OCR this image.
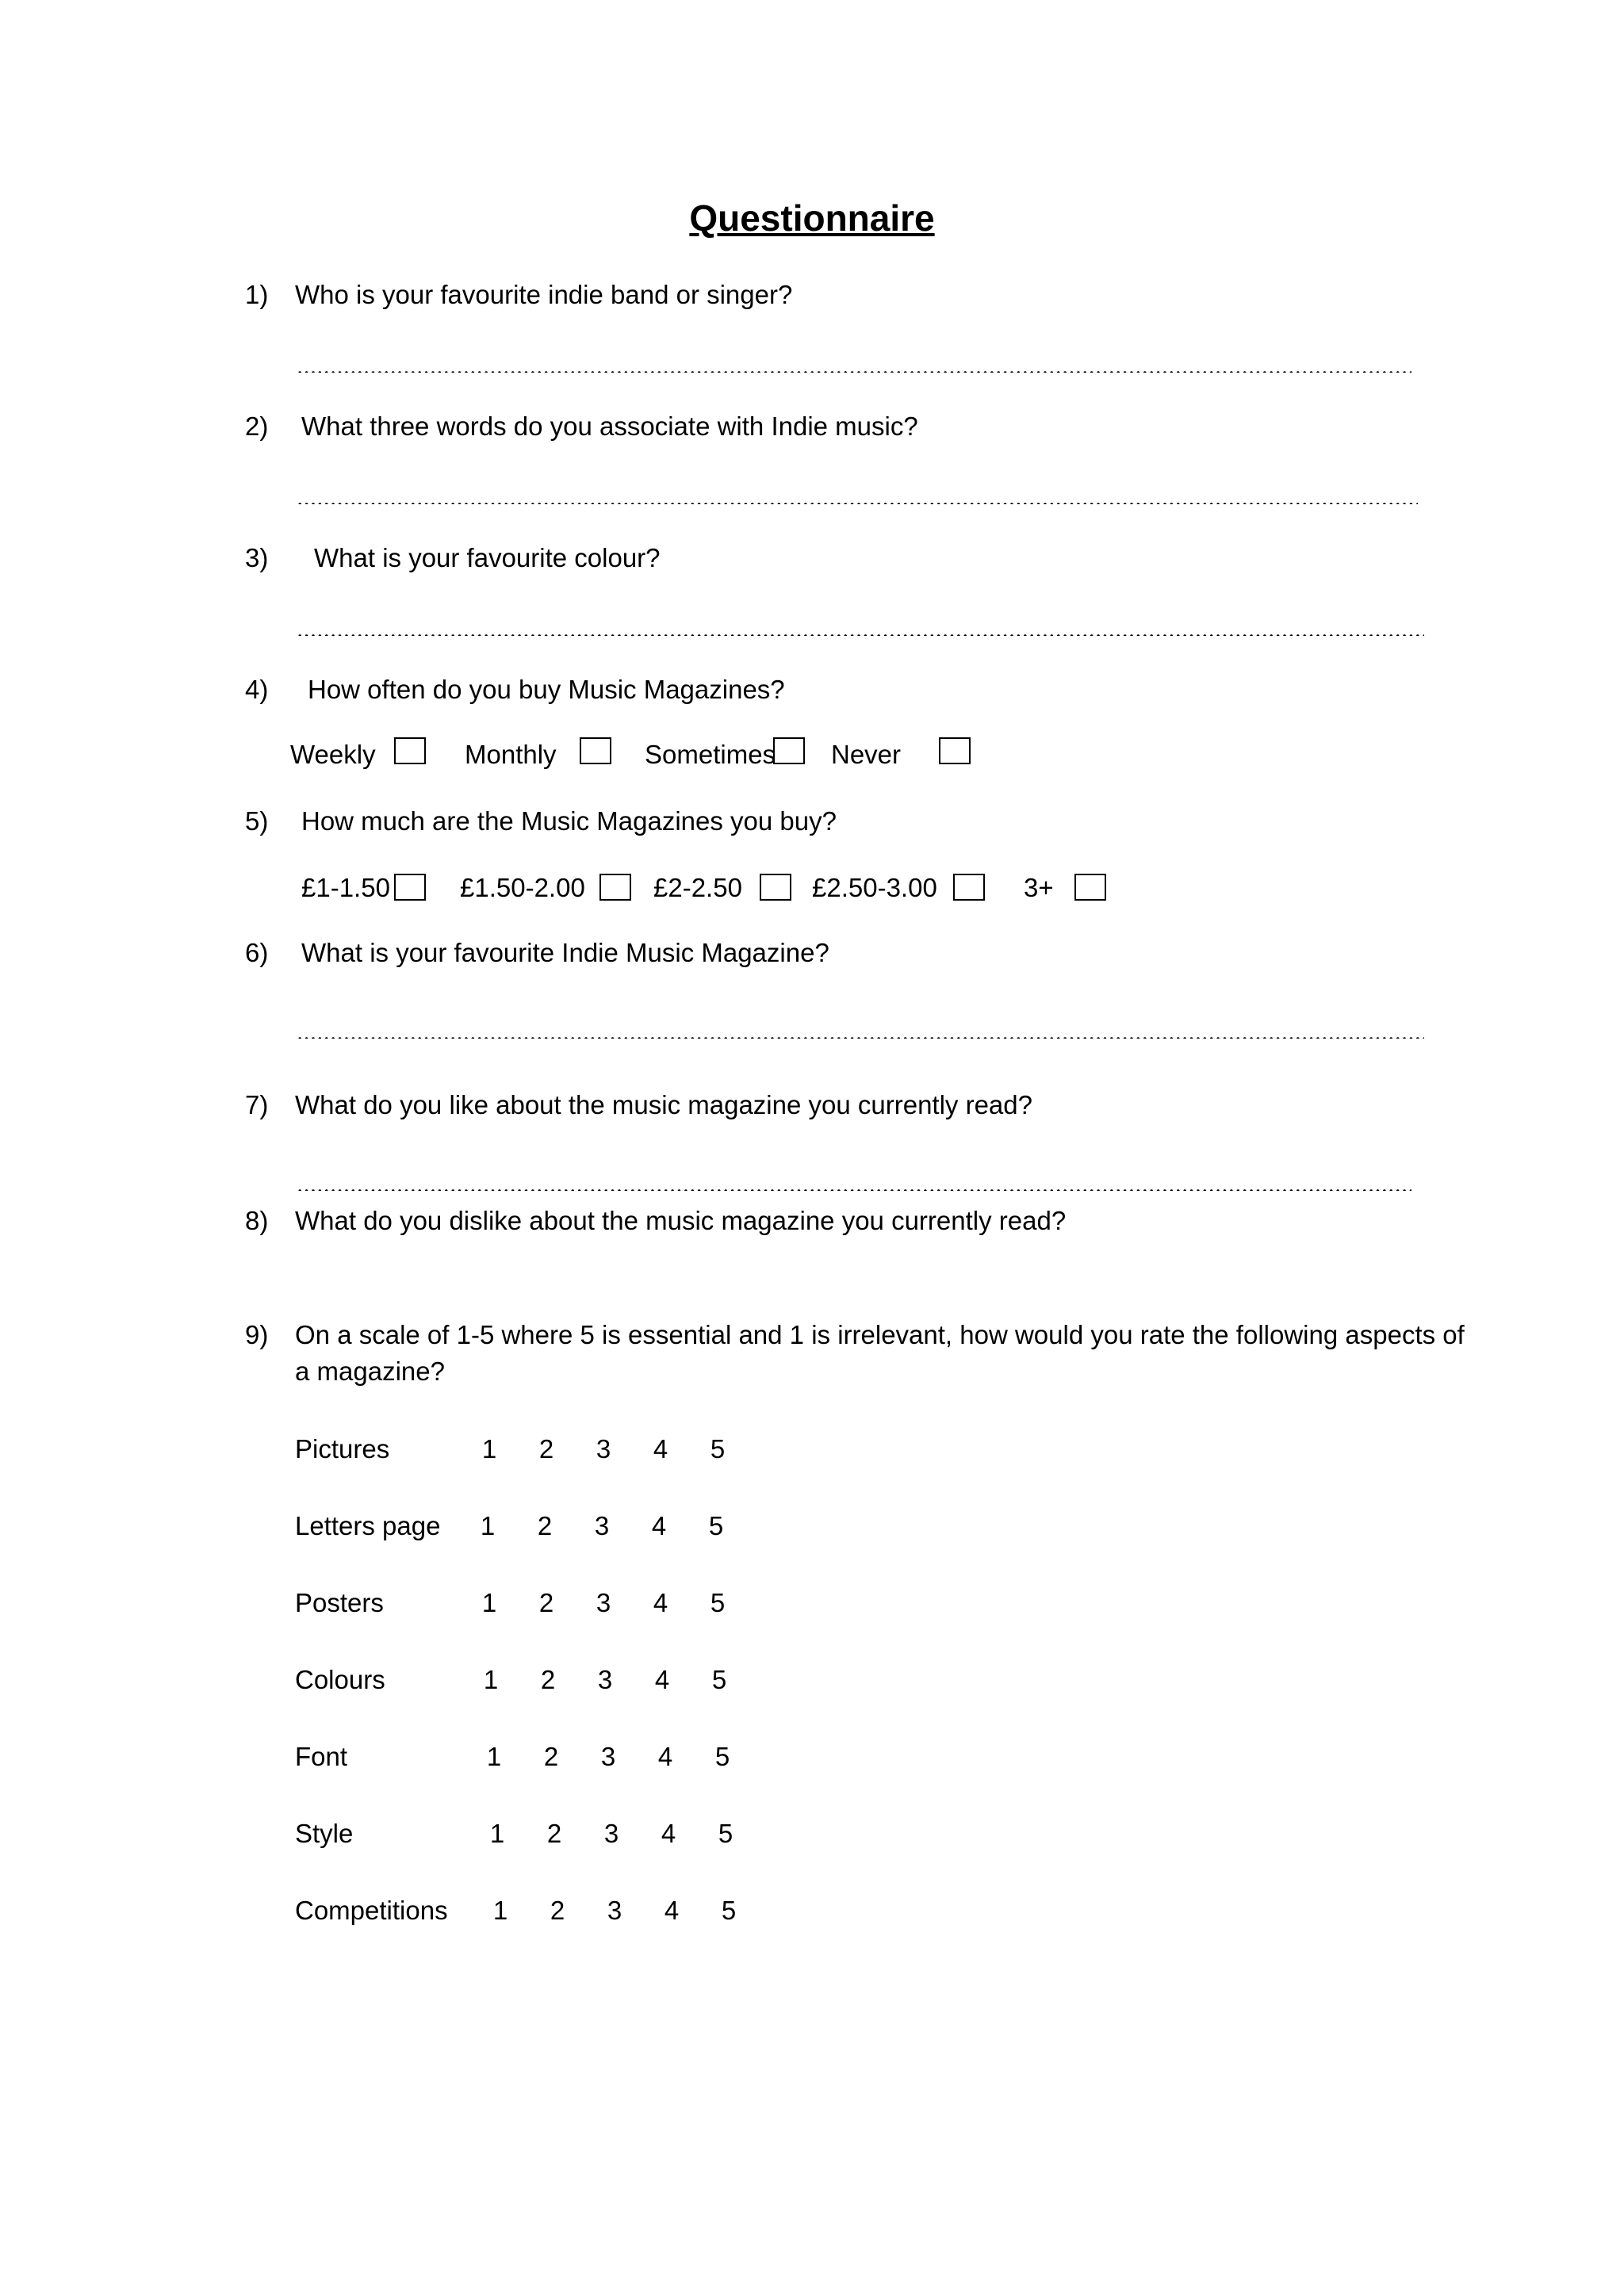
Questionnaire
1) Who is your favourite indie band or singer?
2) What three words do you associate with Indie music?
3) What is your favourite colour?
4) How often do you buy Music Magazines?
Weekly	Monthly	Sometimes Never
5) How much are the Music Magazines you buy?
£1-1.50	£1.50-2.00	£2-2.50	£2.50-3.00	3+
6) What is your favourite Indie Music Magazine?
7) What do you like about the music magazine you currently read?
8) What do you dislike about the music magazine you currently read?
9) On a scale of 1-5 where 5 is essential and 1 is irrelevant, how would you rate the following aspects of
a magazine?
Pictures	1	2	3	4	5
Letters page	1	2	3	4	5
Posters	1	2	3	4	5
Colours	1	2	3	4	5
Font	1	2	3	4	5
Style	1	2	3	4	5
Competitions	1	2	3	4	5
